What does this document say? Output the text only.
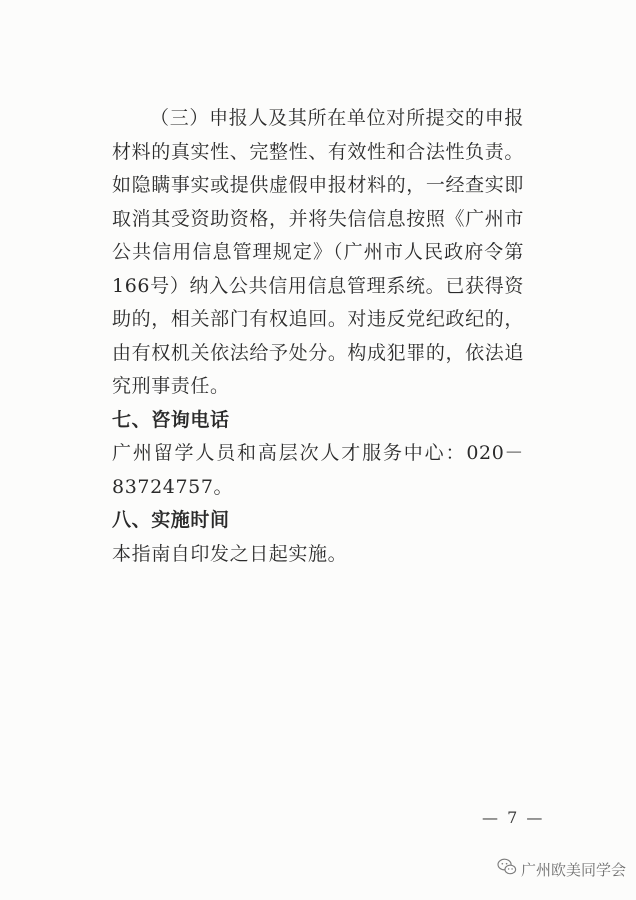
（三）申报人及其所在单位对所提交的申报材料的真实性、完整性、有效性和合法性负责。如隐瞒事实或提供虚假申报材料的，一经查实即取消其受资助资格，并将失信信息按照《广州市公共信用信息管理规定》（广州市人民政府令第166号）纳入公共信用信息管理系统。已获得资助的，相关部门有权追回。对违反党纪政纪的，由有权机关依法给予处分。构成犯罪的，依法追究刑事责任。

七、咨询电话

广州留学人员和高层次人才服务中心：020－83724757。

八、实施时间

本指南自印发之日起实施。

— 7 —
广州欧美同学会
